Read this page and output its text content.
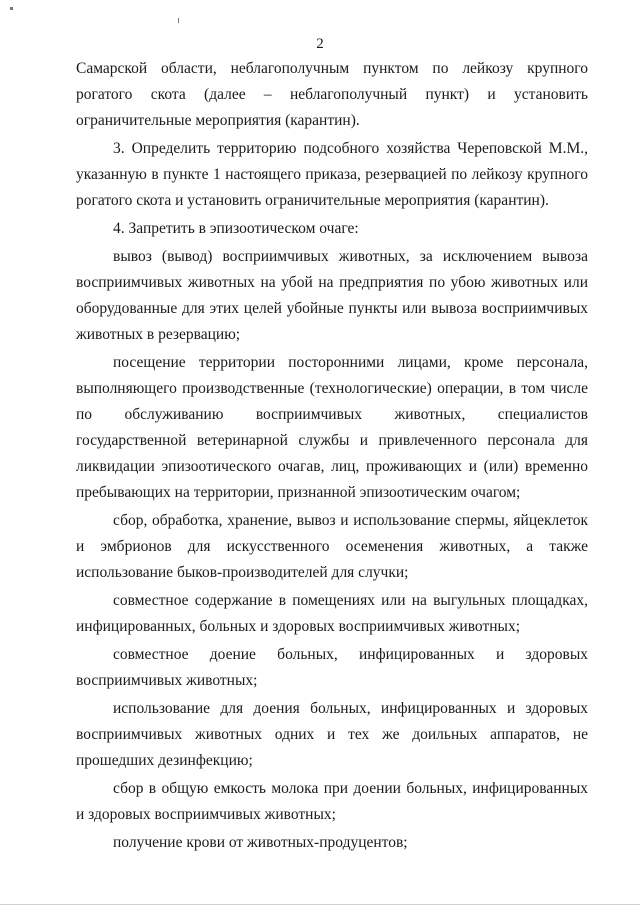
2

Самарской области, неблагополучным пунктом по лейкозу крупного рогатого скота (далее – неблагополучный пункт) и установить ограничительные мероприятия (карантин).

3. Определить территорию подсобного хозяйства Череповской М.М., указанную в пункте 1 настоящего приказа, резервацией по лейкозу крупного рогатого скота и установить ограничительные мероприятия (карантин).

4. Запретить в эпизоотическом очаге:

вывоз (вывод) восприимчивых животных, за исключением вывоза восприимчивых животных на убой на предприятия по убою животных или оборудованные для этих целей убойные пункты или вывоза восприимчивых животных в резервацию;

посещение территории посторонними лицами, кроме персонала, выполняющего производственные (технологические) операции, в том числе по обслуживанию восприимчивых животных, специалистов государственной ветеринарной службы и привлеченного персонала для ликвидации эпизоотического очагав, лиц, проживающих и (или) временно пребывающих на территории, признанной эпизоотическим очагом;

сбор, обработка, хранение, вывоз и использование спермы, яйцеклеток и эмбрионов для искусственного осеменения животных, а также использование быков-производителей для случки;

совместное содержание в помещениях или на выгульных площадках, инфицированных, больных и здоровых восприимчивых животных;

совместное доение больных, инфицированных и здоровых восприимчивых животных;

использование для доения больных, инфицированных и здоровых восприимчивых животных одних и тех же доильных аппаратов, не прошедших дезинфекцию;

сбор в общую емкость молока при доении больных, инфицированных и здоровых восприимчивых животных;

получение крови от животных-продуцентов;
